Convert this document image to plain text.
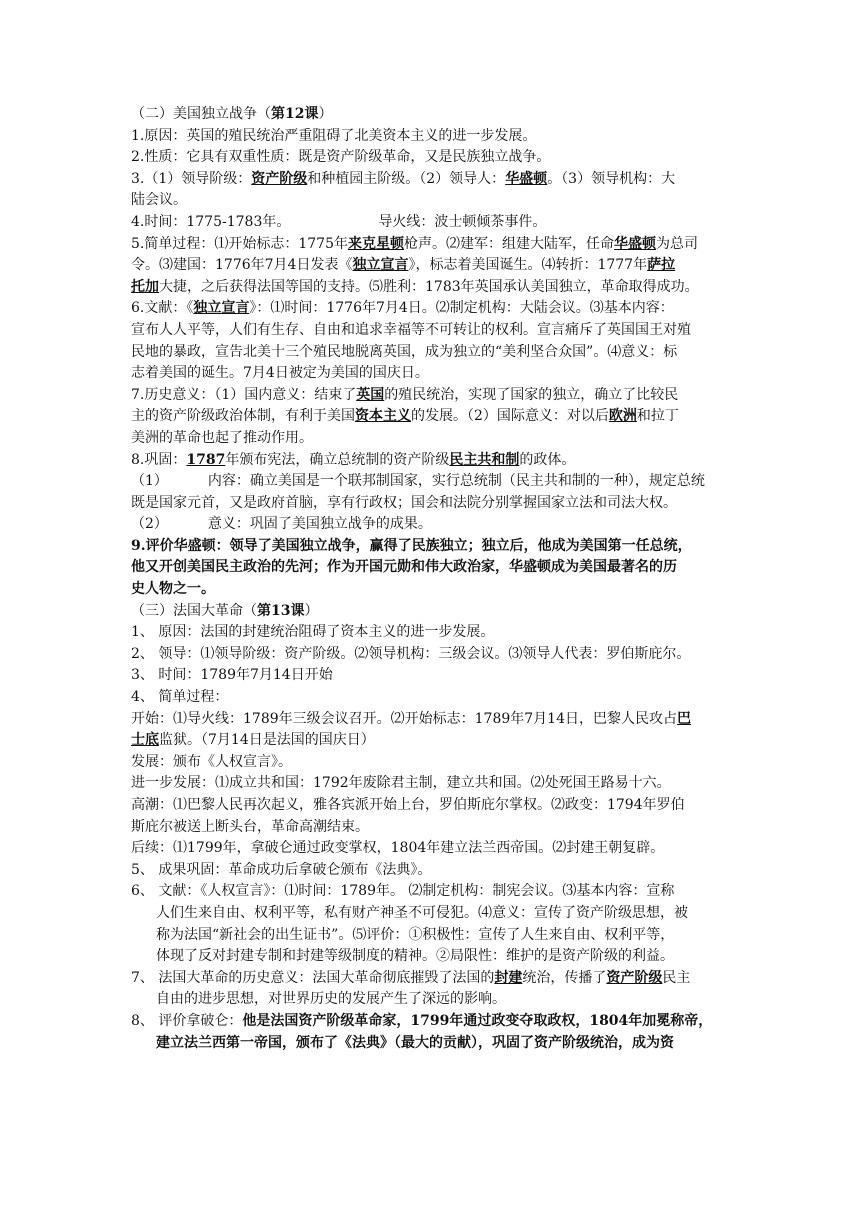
（二）美国独立战争（第12课）
1.原因：英国的殖民统治严重阻碍了北美资本主义的进一步发展。
2.性质：它具有双重性质：既是资产阶级革命，又是民族独立战争。
3.（1）领导阶级：资产阶级和种植园主阶级。（2）领导人：华盛顿。（3）领导机构：大
陆会议。
4.时间：1775-1783年。	导火线：波士顿倾茶事件。
5.简单过程：⑴开始标志：1775年来克星顿枪声。⑵建军：组建大陆军，任命华盛顿为总司
令。⑶建国：1776年7月4日发表《独立宣言》，标志着美国诞生。⑷转折：1777年萨拉
托加大捷，之后获得法国等国的支持。⑸胜利：1783年英国承认美国独立，革命取得成功。
6.文献：《独立宣言》：⑴时间：1776年7月4日。⑵制定机构：大陆会议。⑶基本内容：
宣布人人平等，人们有生存、自由和追求幸福等不可转让的权利。宣言痛斥了英国国王对殖
民地的暴政，宣告北美十三个殖民地脱离英国，成为独立的“美利坚合众国”。⑷意义：标
志着美国的诞生。7月4日被定为美国的国庆日。
7.历史意义：（1）国内意义：结束了英国的殖民统治，实现了国家的独立，确立了比较民
主的资产阶级政治体制，有利于美国资本主义的发展。（2）国际意义：对以后欧洲和拉丁
美洲的革命也起了推动作用。
8.巩固：1787年颁布宪法，确立总统制的资产阶级民主共和制的政体。
（1）	内容：确立美国是一个联邦制国家，实行总统制（民主共和制的一种），规定总统
既是国家元首，又是政府首脑，享有行政权；国会和法院分别掌握国家立法和司法大权。
（2）	意义：巩固了美国独立战争的成果。
9.评价华盛顿：领导了美国独立战争，赢得了民族独立；独立后，他成为美国第一任总统，
他又开创美国民主政治的先河；作为开国元勋和伟大政治家，华盛顿成为美国最著名的历
史人物之一。
（三）法国大革命（第13课）
1、 原因：法国的封建统治阻碍了资本主义的进一步发展。
2、 领导：⑴领导阶级：资产阶级。⑵领导机构：三级会议。⑶领导人代表：罗伯斯庇尔。
3、 时间：1789年7月14日开始
4、 简单过程：
开始：⑴导火线：1789年三级会议召开。⑵开始标志：1789年7月14日，巴黎人民攻占巴
士底监狱。（7月14日是法国的国庆日）
发展：颁布《人权宣言》。
进一步发展：⑴成立共和国：1792年废除君主制，建立共和国。⑵处死国王路易十六。
高潮：⑴巴黎人民再次起义，雅各宾派开始上台，罗伯斯庇尔掌权。⑵政变：1794年罗伯
斯庇尔被送上断头台，革命高潮结束。
后续：⑴1799年，拿破仑通过政变掌权，1804年建立法兰西帝国。⑵封建王朝复辟。
5、 成果巩固：革命成功后拿破仑颁布《法典》。
6、 文献：《人权宣言》：⑴时间：1789年。 ⑵制定机构：制宪会议。⑶基本内容：宣称
人们生来自由、权利平等，私有财产神圣不可侵犯。⑷意义：宣传了资产阶级思想，被
称为法国“新社会的出生证书”。⑸评价：①积极性：宣传了人生来自由、权利平等，
体现了反对封建专制和封建等级制度的精神。②局限性：维护的是资产阶级的利益。
7、 法国大革命的历史意义：法国大革命彻底摧毁了法国的封建统治，传播了资产阶级民主
自由的进步思想，对世界历史的发展产生了深远的影响。
8、 评价拿破仑：他是法国资产阶级革命家，1799年通过政变夺取政权，1804年加冕称帝，
建立法兰西第一帝国，颁布了《法典》（最大的贡献），巩固了资产阶级统治，成为资
